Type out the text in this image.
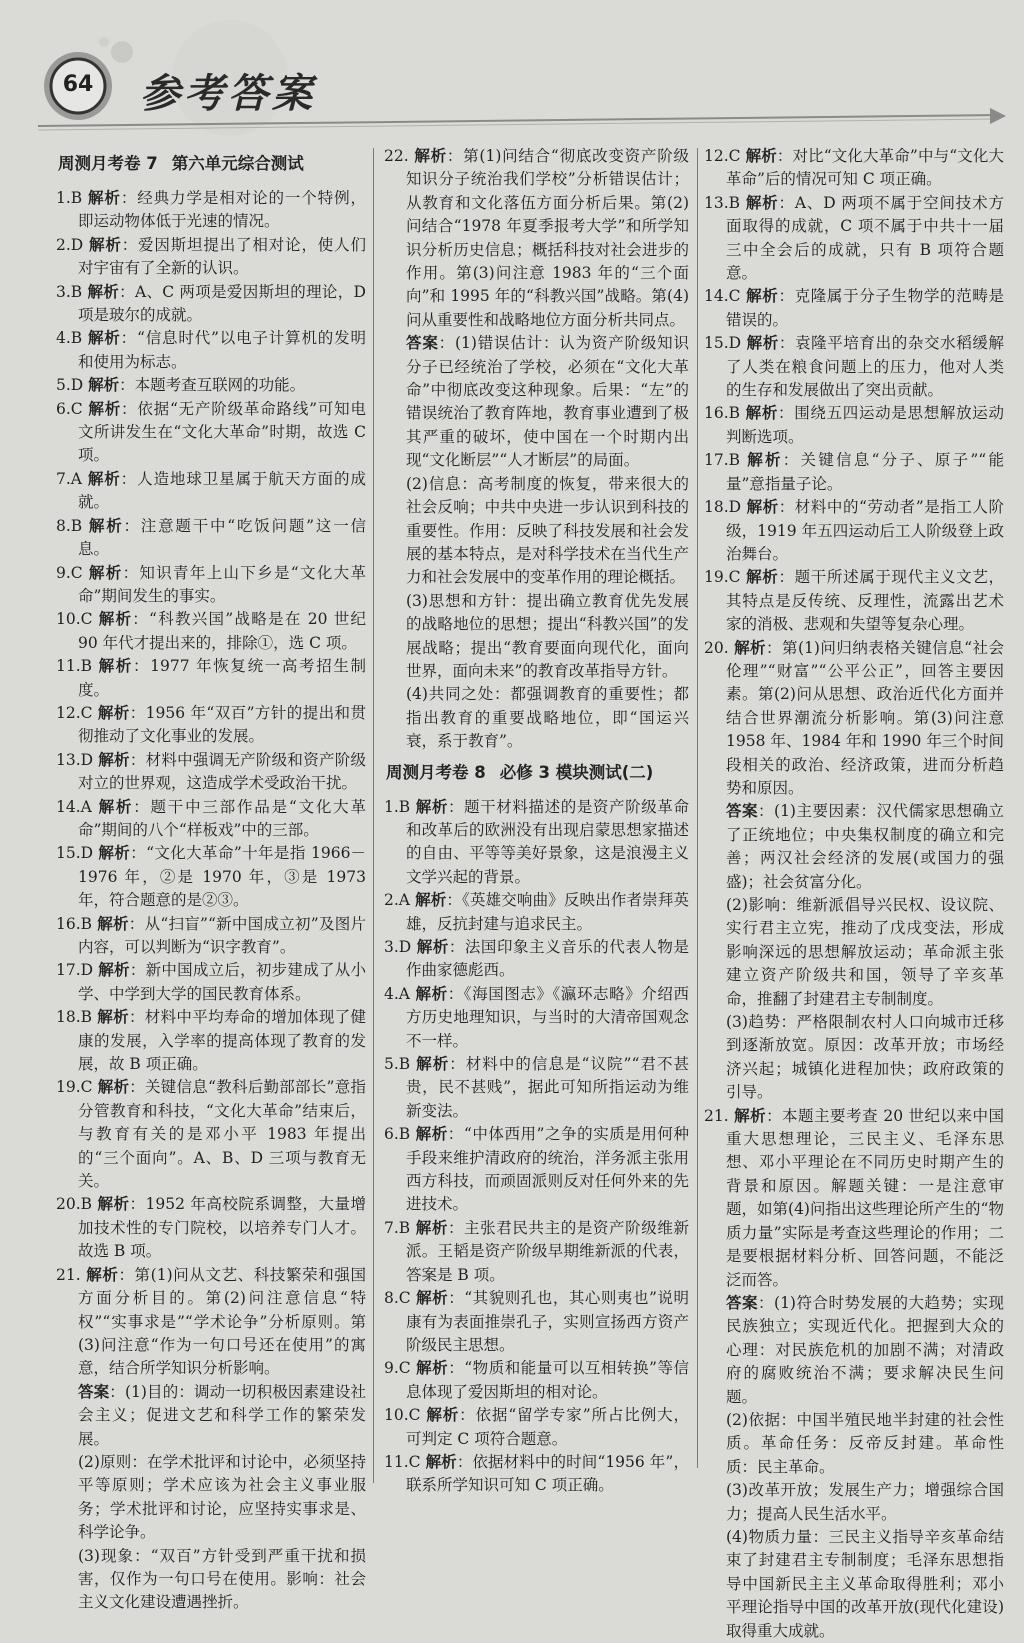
64 参考答案
周测月考卷 7 第六单元综合测试
1.B 解析：经典力学是相对论的一个特例，即运动物体低于光速的情况。
2.D 解析：爱因斯坦提出了相对论，使人们对宇宙有了全新的认识。
3.B 解析：A、C 两项是爱因斯坦的理论，D 项是玻尔的成就。
4.B 解析：“信息时代”以电子计算机的发明和使用为标志。
5.D 解析：本题考查互联网的功能。
6.C 解析：依据“无产阶级革命路线”可知电文所讲发生在“文化大革命”时期，故选 C项。
7.A 解析：人造地球卫星属于航天方面的成就。
8.B 解析：注意题干中“吃饭问题”这一信息。
9.C 解析：知识青年上山下乡是“文化大革命”期间发生的事实。
10.C 解析：“科教兴国”战略是在 20 世纪 90 年代才提出来的，排除①，选 C 项。
11.B 解析：1977 年恢复统一高考招生制度。
12.C 解析：1956 年“双百”方针的提出和贯彻推动了文化事业的发展。
13.D 解析：材料中强调无产阶级和资产阶级对立的世界观，这造成学术受政治干扰。
14.A 解析：题干中三部作品是“文化大革命”期间的八个“样板戏”中的三部。
15.D 解析：“文化大革命”十年是指 1966－1976 年，②是 1970 年，③是 1973 年，符合题意的是②③。
16.B 解析：从“扫盲”“新中国成立初”及图片内容，可以判断为“识字教育”。
17.D 解析：新中国成立后，初步建成了从小学、中学到大学的国民教育体系。
18.B 解析：材料中平均寿命的增加体现了健康的发展，入学率的提高体现了教育的发展，故 B 项正确。
19.C 解析：关键信息“教科后勤部部长”意指分管教育和科技，“文化大革命”结束后，与教育有关的是邓小平 1983 年提出的“三个面向”。A、B、D 三项与教育无关。
20.B 解析：1952 年高校院系调整，大量增加技术性的专门院校，以培养专门人才。故选 B 项。
21. 解析：第(1)问从文艺、科技繁荣和强国方面分析目的。第(2)问注意信息“特权”“实事求是”“学术论争”分析原则。第(3)问注意“作为一句口号还在使用”的寓意，结合所学知识分析影响。
答案：(1)目的：调动一切积极因素建设社会主义；促进文艺和科学工作的繁荣发展。
(2)原则：在学术批评和讨论中，必须坚持平等原则；学术应该为社会主义事业服务；学术批评和讨论，应坚持实事求是、科学论争。
(3)现象：“双百”方针受到严重干扰和损害，仅作为一句口号在使用。影响：社会主义文化建设遭遇挫折。
22. 解析：第(1)问结合“彻底改变资产阶级知识分子统治我们学校”分析错误估计；从教育和文化落伍方面分析后果。第(2)问结合“1978 年夏季报考大学”和所学知识分析历史信息；概括科技对社会进步的作用。第(3)问注意 1983 年的“三个面向”和 1995 年的“科教兴国”战略。第(4)问从重要性和战略地位方面分析共同点。
答案：(1)错误估计：认为资产阶级知识分子已经统治了学校，必须在“文化大革命”中彻底改变这种现象。后果：“左”的错误统治了教育阵地，教育事业遭到了极其严重的破坏，使中国在一个时期内出现“文化断层”“人才断层”的局面。
(2)信息：高考制度的恢复，带来很大的社会反响；中共中央进一步认识到科技的重要性。作用：反映了科技发展和社会发展的基本特点，是对科学技术在当代生产力和社会发展中的变革作用的理论概括。
(3)思想和方针：提出确立教育优先发展的战略地位的思想；提出“科教兴国”的发展战略；提出“教育要面向现代化，面向世界，面向未来”的教育改革指导方针。
(4)共同之处：都强调教育的重要性；都指出教育的重要战略地位，即“国运兴衰，系于教育”。
周测月考卷 8 必修 3 模块测试(二)
1.B 解析：题干材料描述的是资产阶级革命和改革后的欧洲没有出现启蒙思想家描述的自由、平等等美好景象，这是浪漫主义文学兴起的背景。
2.A 解析：《英雄交响曲》反映出作者崇拜英雄，反抗封建与追求民主。
3.D 解析：法国印象主义音乐的代表人物是作曲家德彪西。
4.A 解析：《海国图志》《瀛环志略》介绍西方历史地理知识，与当时的大清帝国观念不一样。
5.B 解析：材料中的信息是“议院”“君不甚贵，民不甚贱”，据此可知所指运动为维新变法。
6.B 解析：“中体西用”之争的实质是用何种手段来维护清政府的统治，洋务派主张用西方科技，而顽固派则反对任何外来的先进技术。
7.B 解析：主张君民共主的是资产阶级维新派。王韬是资产阶级早期维新派的代表，答案是 B 项。
8.C 解析：“其貌则孔也，其心则夷也”说明康有为表面推崇孔子，实则宣扬西方资产阶级民主思想。
9.C 解析：“物质和能量可以互相转换”等信息体现了爱因斯坦的相对论。
10.C 解析：依据“留学专家”所占比例大，可判定 C 项符合题意。
11.C 解析：依据材料中的时间“1956 年”，联系所学知识可知 C 项正确。
12.C 解析：对比“文化大革命”中与“文化大革命”后的情况可知 C 项正确。
13.B 解析：A、D 两项不属于空间技术方面取得的成就，C 项不属于中共十一届三中全会后的成就，只有 B 项符合题意。
14.C 解析：克隆属于分子生物学的范畴是错误的。
15.D 解析：袁隆平培育出的杂交水稻缓解了人类在粮食问题上的压力，他对人类的生存和发展做出了突出贡献。
16.B 解析：围绕五四运动是思想解放运动判断选项。
17.B 解析：关键信息“分子、原子”“能量”意指量子论。
18.D 解析：材料中的“劳动者”是指工人阶级，1919 年五四运动后工人阶级登上政治舞台。
19.C 解析：题干所述属于现代主义文艺，其特点是反传统、反理性，流露出艺术家的消极、悲观和失望等复杂心理。
20. 解析：第(1)问归纳表格关键信息“社会伦理”“财富”“公平公正”，回答主要因素。第(2)问从思想、政治近代化方面并结合世界潮流分析影响。第(3)问注意 1958 年、1984 年和 1990 年三个时间段相关的政治、经济政策，进而分析趋势和原因。
答案：(1)主要因素：汉代儒家思想确立了正统地位；中央集权制度的确立和完善；两汉社会经济的发展(或国力的强盛)；社会贫富分化。
(2)影响：维新派倡导兴民权、设议院、实行君主立宪，推动了戊戌变法，形成影响深远的思想解放运动；革命派主张建立资产阶级共和国，领导了辛亥革命，推翻了封建君主专制制度。
(3)趋势：严格限制农村人口向城市迁移到逐渐放宽。原因：改革开放；市场经济兴起；城镇化进程加快；政府政策的引导。
21. 解析：本题主要考查 20 世纪以来中国重大思想理论，三民主义、毛泽东思想、邓小平理论在不同历史时期产生的背景和原因。解题关键：一是注意审题，如第(4)问指出这些理论所产生的“物质力量”实际是考查这些理论的作用；二是要根据材料分析、回答问题，不能泛泛而答。
答案：(1)符合时势发展的大趋势；实现民族独立；实现近代化。把握到大众的心理：对民族危机的加剧不满；对清政府的腐败统治不满；要求解决民生问题。
(2)依据：中国半殖民地半封建的社会性质。革命任务：反帝反封建。革命性质：民主革命。
(3)改革开放；发展生产力；增强综合国力；提高人民生活水平。
(4)物质力量：三民主义指导辛亥革命结束了封建君主专制制度；毛泽东思想指导中国新民主主义革命取得胜利；邓小平理论指导中国的改革开放(现代化建设)取得重大成就。
